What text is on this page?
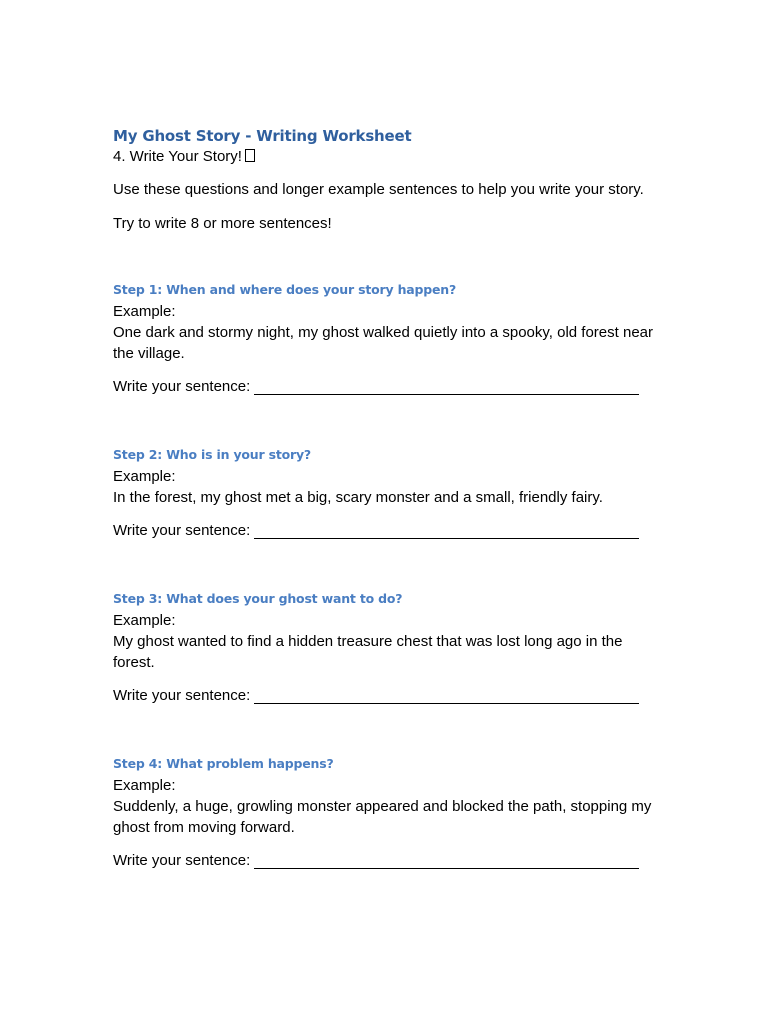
My Ghost Story - Writing Worksheet

4. Write Your Story!

Use these questions and longer example sentences to help you write your story.

Try to write 8 or more sentences!

Step 1: When and where does your story happen?

Example:

One dark and stormy night, my ghost walked quietly into a spooky, old forest near the village.

Write your sentence:
Step 2: Who is in your story?

Example:

In the forest, my ghost met a big, scary monster and a small, friendly fairy.

Write your sentence:
Step 3: What does your ghost want to do?

Example:

My ghost wanted to find a hidden treasure chest that was lost long ago in the forest.

Write your sentence:
Step 4: What problem happens?

Example:

Suddenly, a huge, growling monster appeared and blocked the path, stopping my ghost from moving forward.

Write your sentence:
